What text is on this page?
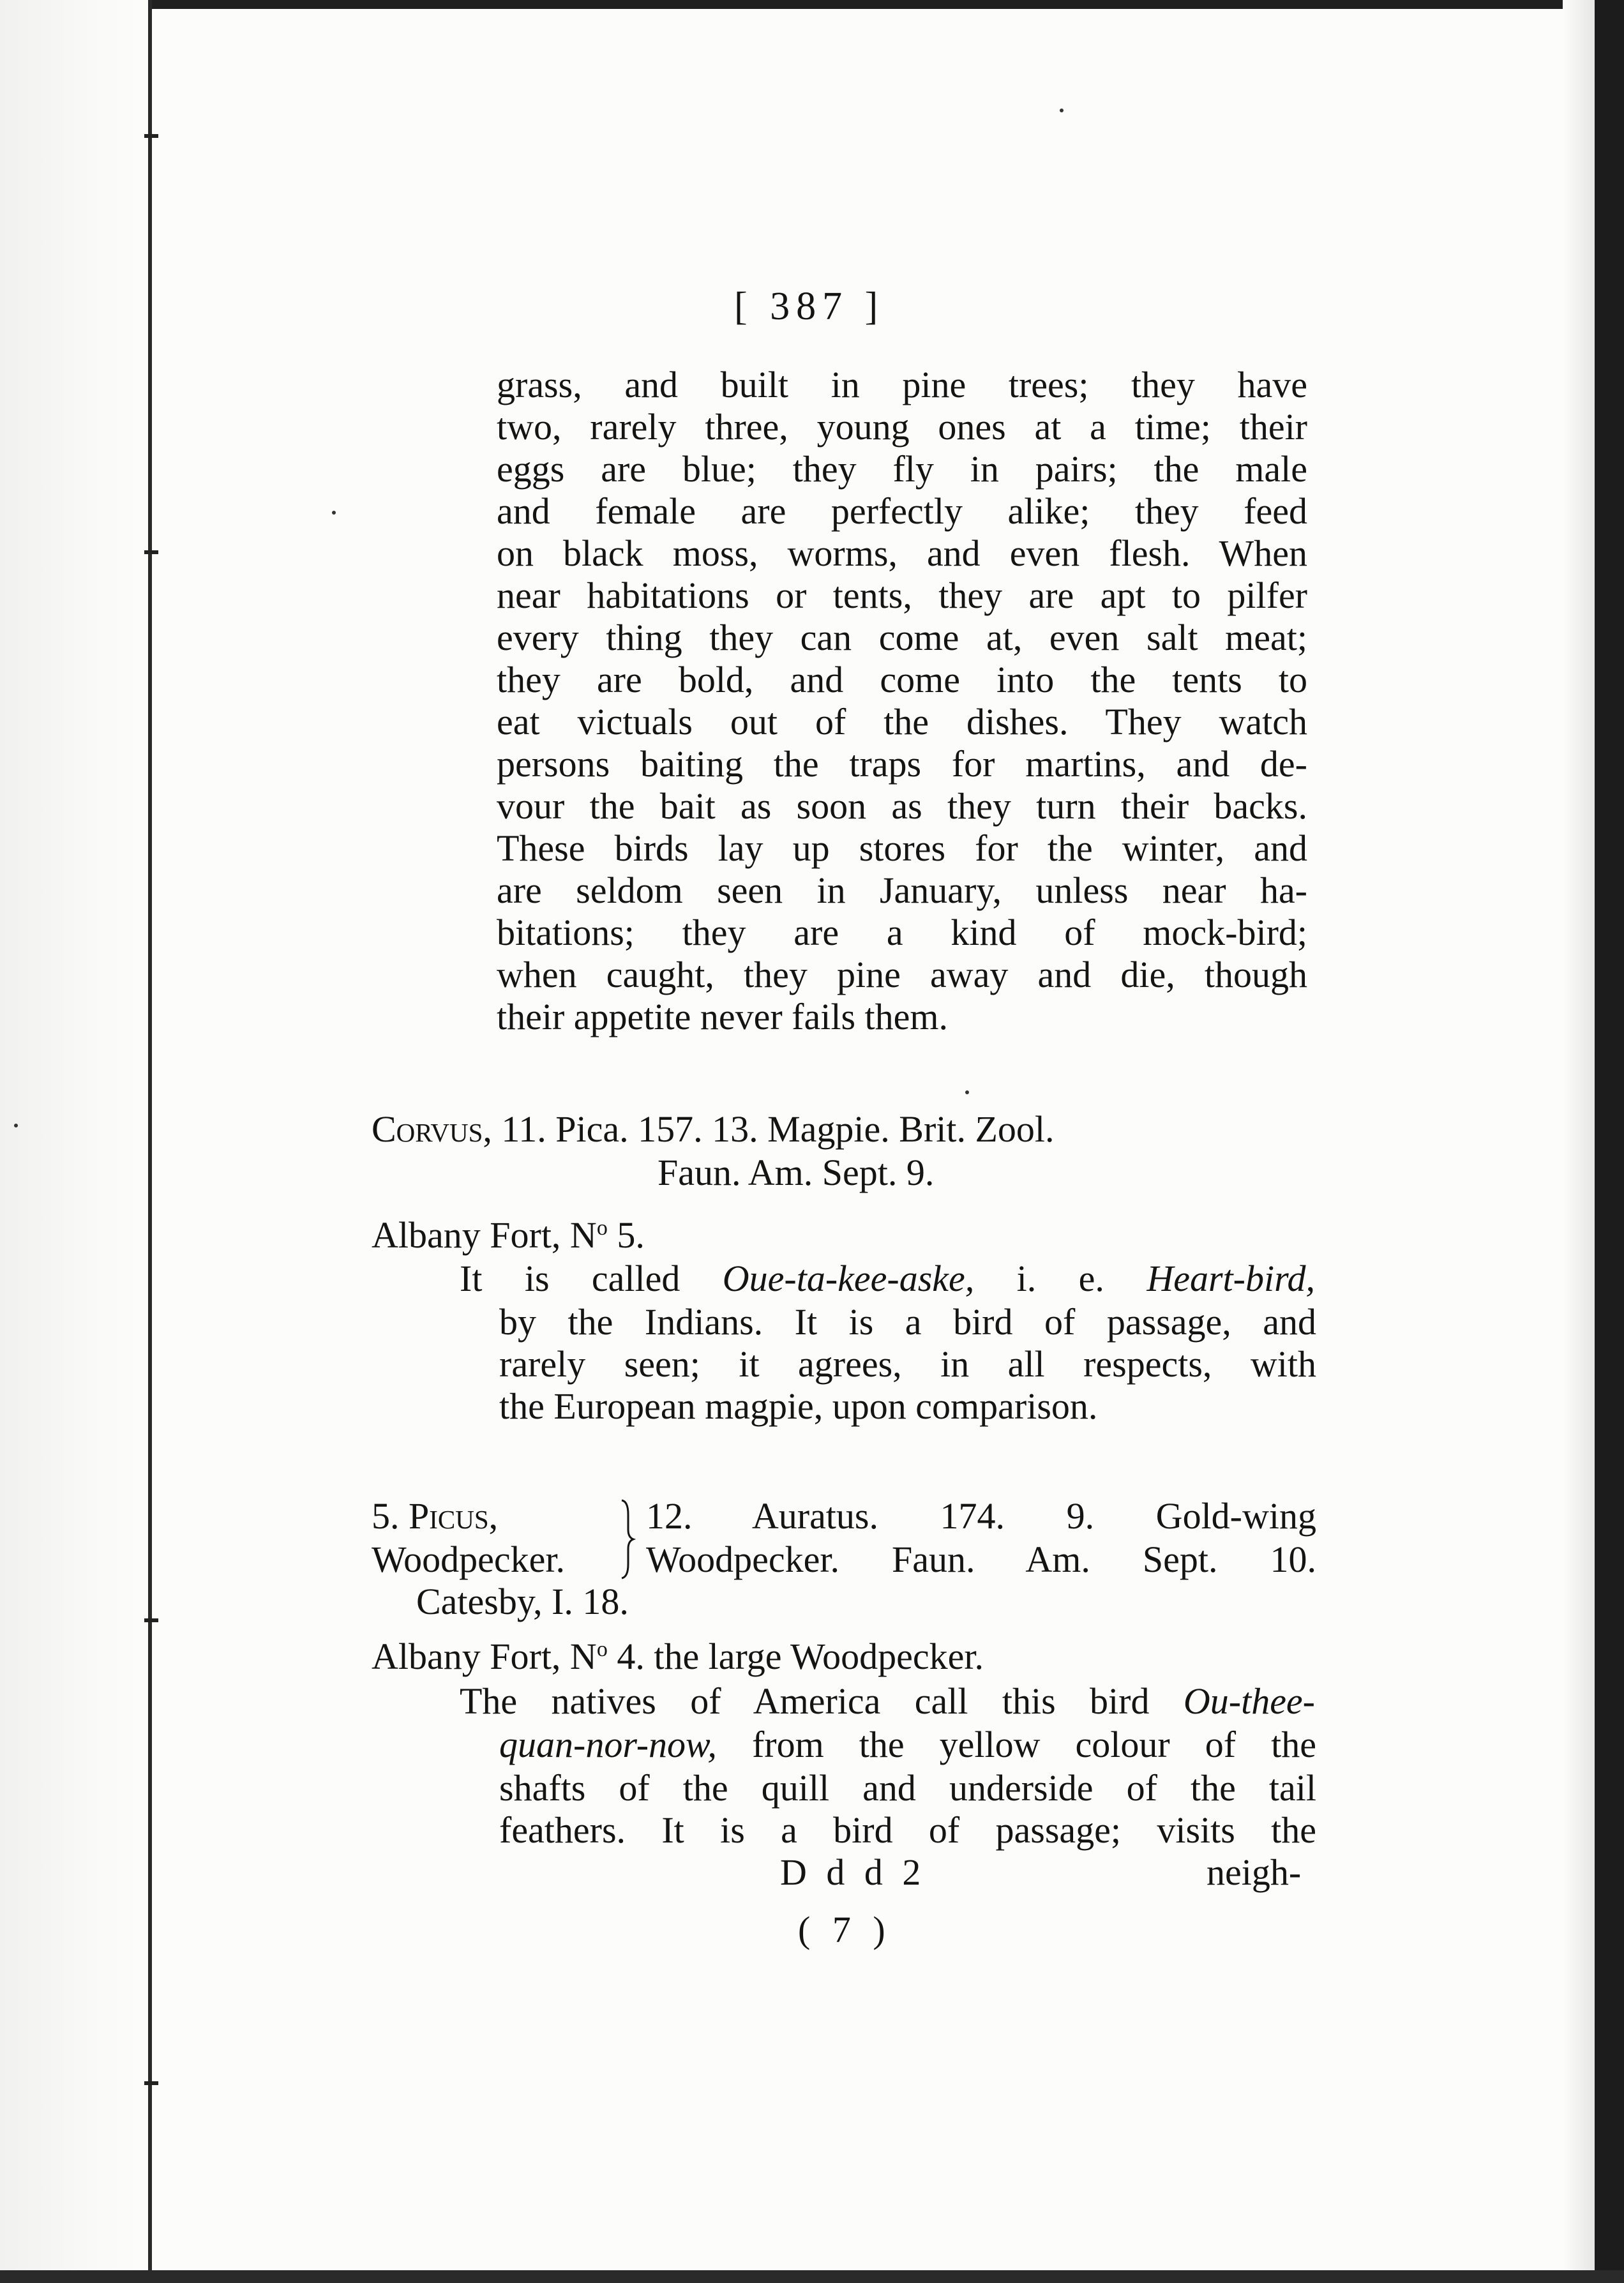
[ 387 ]
grass, and built in pine trees; they have
two, rarely three, young ones at a time; their
eggs are blue; they fly in pairs; the male
and female are perfectly alike; they feed
on black moss, worms, and even flesh. When
near habitations or tents, they are apt to pilfer
every thing they can come at, even salt meat;
they are bold, and come into the tents to
eat victuals out of the dishes. They watch
persons baiting the traps for martins, and de-
vour the bait as soon as they turn their backs.
These birds lay up stores for the winter, and
are seldom seen in January, unless near ha-
bitations; they are a kind of mock-bird;
when caught, they pine away and die, though
their appetite never fails them.
Corvus, 11. Pica. 157. 13. Magpie. Brit. Zool.
Faun. Am. Sept. 9.
Albany Fort, $N^o$ 5.
It is called Oue-ta-kee-aske, i. e. Heart-bird,
by the Indians. It is a bird of passage, and
rarely seen; it agrees, in all respects, with
the European magpie, upon comparison.
5. Picus,
Woodpecker.
12. Auratus. 174. 9. Gold-wing
Woodpecker. Faun. Am. Sept. 10.
Catesby, I. 18.
Albany Fort, $N^o$ 4. the large Woodpecker.
The natives of America call this bird Ou-thee-
quan-nor-now, from the yellow colour of the
shafts of the quill and underside of the tail
feathers. It is a bird of passage; visits the
D d d 2	neigh-
( 7 )
